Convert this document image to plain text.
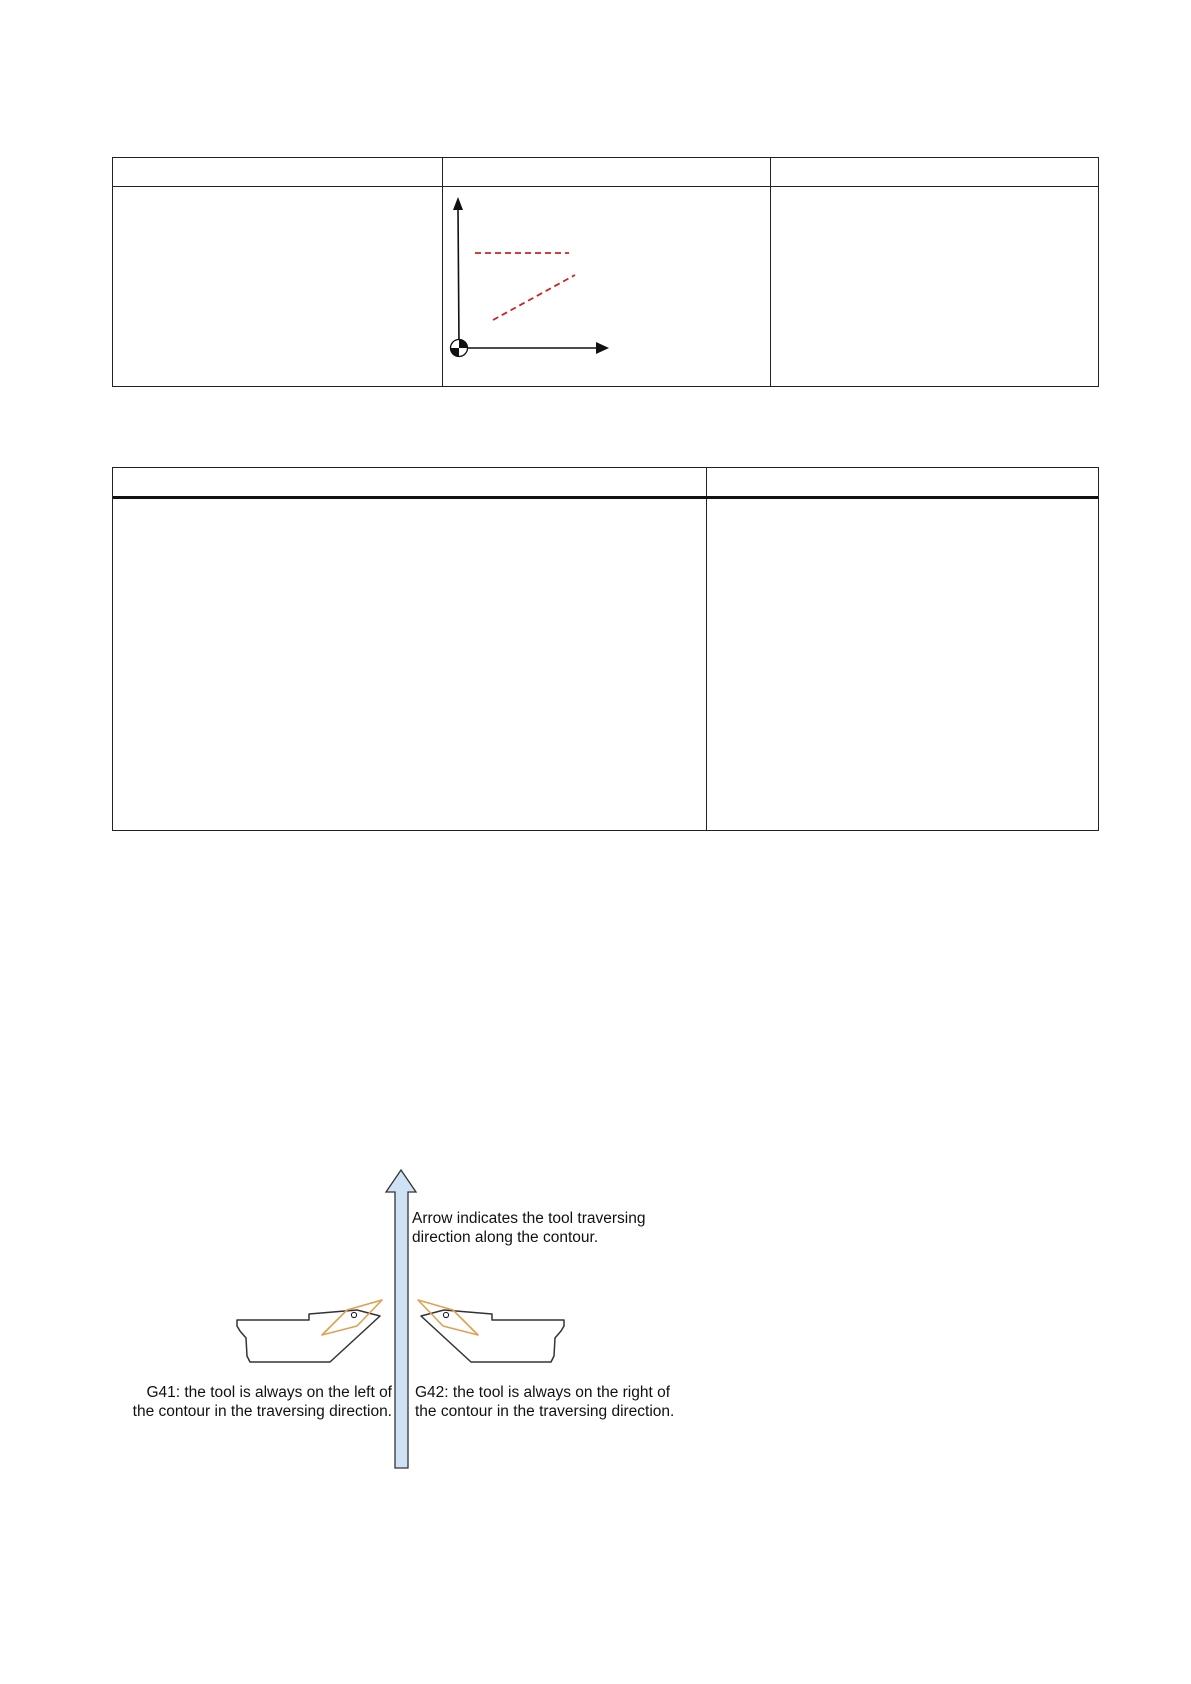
Arrow indicates the tool traversing
direction along the contour.
G41: the tool is always on the left of
the contour in the traversing direction.
G42: the tool is always on the right of
the contour in the traversing direction.
